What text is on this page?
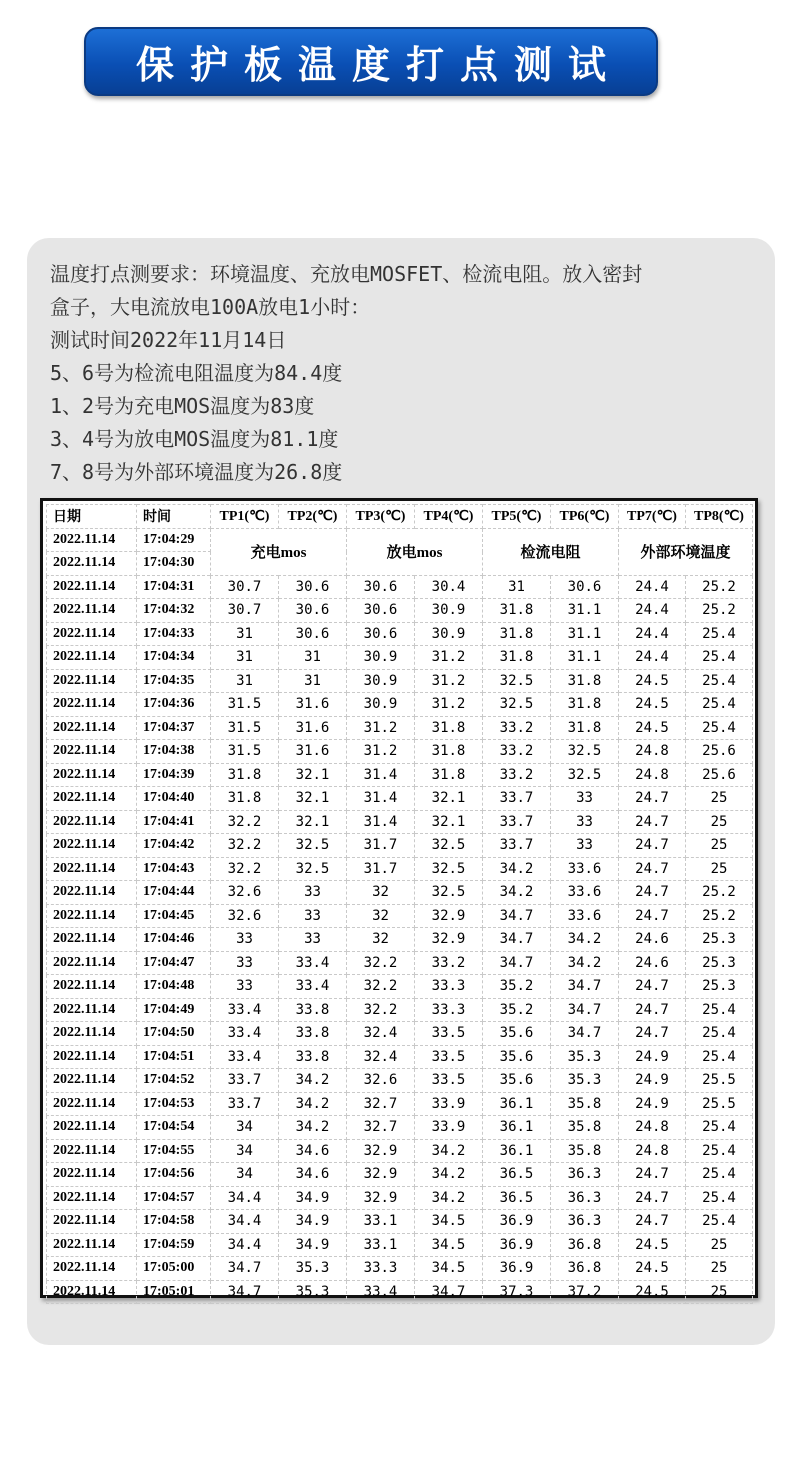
保护板温度打点测试
温度打点测要求：环境温度、充放电MOSFET、检流电阻。放入密封
盒子，大电流放电100A放电1小时：
测试时间2022年11月14日
5、6号为检流电阻温度为84.4度
1、2号为充电MOS温度为83度
3、4号为放电MOS温度为81.1度
7、8号为外部环境温度为26.8度
日期	时间	TP1(℃)	TP2(℃)	TP3(℃)	TP4(℃)	TP5(℃)	TP6(℃)	TP7(℃)	TP8(℃)
2022.11.14	17:04:29	充电mos		放电mos		检流电阻		外部环境温度	
2022.11.14	17:04:30								
2022.11.14	17:04:31	30.7	30.6	30.6	30.4	31	30.6	24.4	25.2
2022.11.14	17:04:32	30.7	30.6	30.6	30.9	31.8	31.1	24.4	25.2
2022.11.14	17:04:33	31	30.6	30.6	30.9	31.8	31.1	24.4	25.4
2022.11.14	17:04:34	31	31	30.9	31.2	31.8	31.1	24.4	25.4
2022.11.14	17:04:35	31	31	30.9	31.2	32.5	31.8	24.5	25.4
2022.11.14	17:04:36	31.5	31.6	30.9	31.2	32.5	31.8	24.5	25.4
2022.11.14	17:04:37	31.5	31.6	31.2	31.8	33.2	31.8	24.5	25.4
2022.11.14	17:04:38	31.5	31.6	31.2	31.8	33.2	32.5	24.8	25.6
2022.11.14	17:04:39	31.8	32.1	31.4	31.8	33.2	32.5	24.8	25.6
2022.11.14	17:04:40	31.8	32.1	31.4	32.1	33.7	33	24.7	25
2022.11.14	17:04:41	32.2	32.1	31.4	32.1	33.7	33	24.7	25
2022.11.14	17:04:42	32.2	32.5	31.7	32.5	33.7	33	24.7	25
2022.11.14	17:04:43	32.2	32.5	31.7	32.5	34.2	33.6	24.7	25
2022.11.14	17:04:44	32.6	33	32	32.5	34.2	33.6	24.7	25.2
2022.11.14	17:04:45	32.6	33	32	32.9	34.7	33.6	24.7	25.2
2022.11.14	17:04:46	33	33	32	32.9	34.7	34.2	24.6	25.3
2022.11.14	17:04:47	33	33.4	32.2	33.2	34.7	34.2	24.6	25.3
2022.11.14	17:04:48	33	33.4	32.2	33.3	35.2	34.7	24.7	25.3
2022.11.14	17:04:49	33.4	33.8	32.2	33.3	35.2	34.7	24.7	25.4
2022.11.14	17:04:50	33.4	33.8	32.4	33.5	35.6	34.7	24.7	25.4
2022.11.14	17:04:51	33.4	33.8	32.4	33.5	35.6	35.3	24.9	25.4
2022.11.14	17:04:52	33.7	34.2	32.6	33.5	35.6	35.3	24.9	25.5
2022.11.14	17:04:53	33.7	34.2	32.7	33.9	36.1	35.8	24.9	25.5
2022.11.14	17:04:54	34	34.2	32.7	33.9	36.1	35.8	24.8	25.4
2022.11.14	17:04:55	34	34.6	32.9	34.2	36.1	35.8	24.8	25.4
2022.11.14	17:04:56	34	34.6	32.9	34.2	36.5	36.3	24.7	25.4
2022.11.14	17:04:57	34.4	34.9	32.9	34.2	36.5	36.3	24.7	25.4
2022.11.14	17:04:58	34.4	34.9	33.1	34.5	36.9	36.3	24.7	25.4
2022.11.14	17:04:59	34.4	34.9	33.1	34.5	36.9	36.8	24.5	25
2022.11.14	17:05:00	34.7	35.3	33.3	34.5	36.9	36.8	24.5	25
2022.11.14	17:05:01	34.7	35.3	33.4	34.7	37.3	37.2	24.5	25
